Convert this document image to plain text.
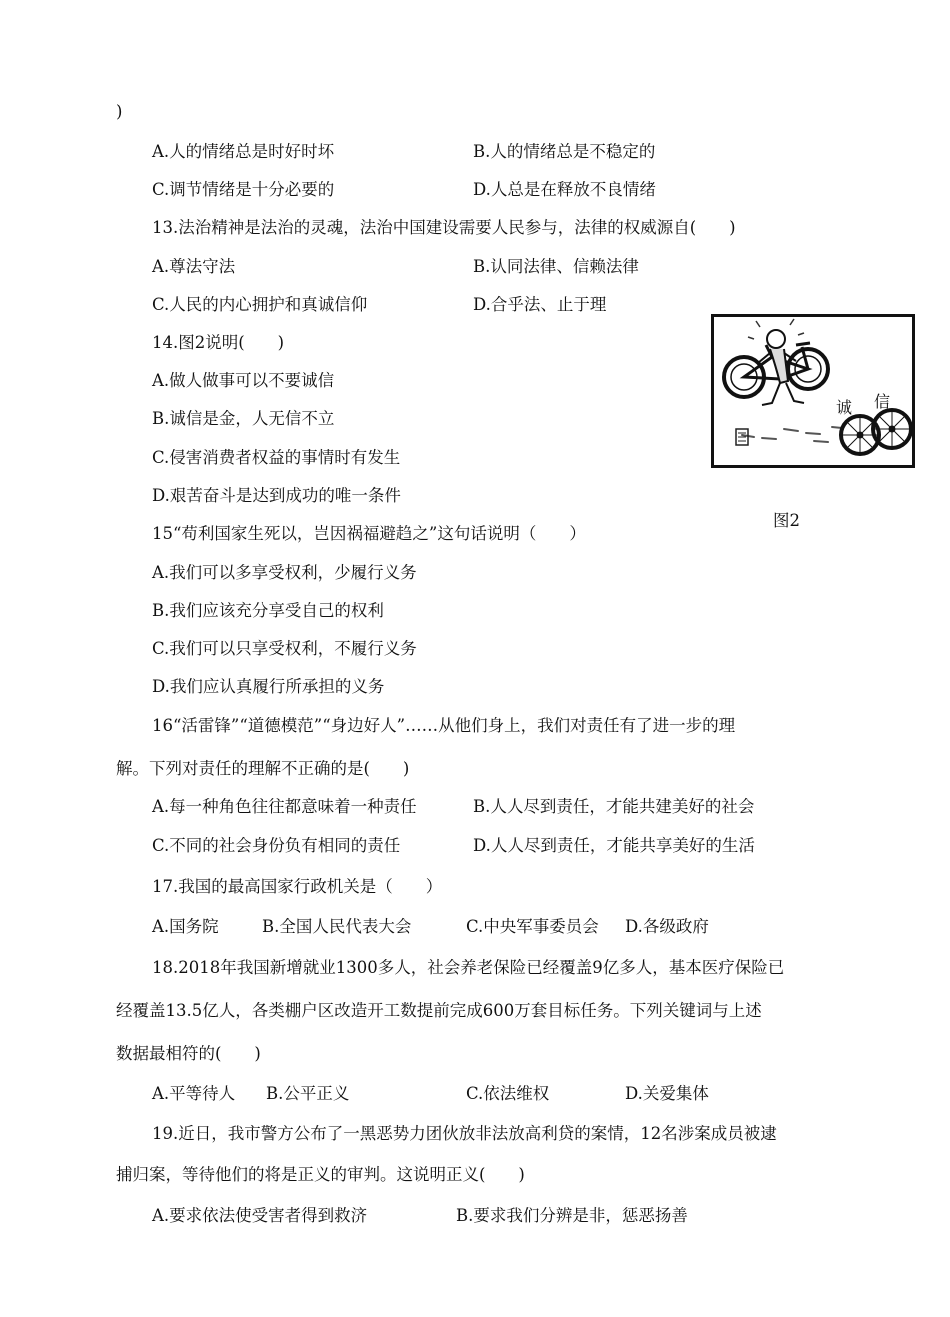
)
A.人的情绪总是时好时坏	B.人的情绪总是不稳定的
C.调节情绪是十分必要的	D.人总是在释放不良情绪
13.法治精神是法治的灵魂，法治中国建设需要人民参与，法律的权威源自(　　)
A.尊法守法	B.认同法律、信赖法律
C.人民的内心拥护和真诚信仰	D.合乎法、止于理
14.图2说明(　　)
A.做人做事可以不要诚信
B.诚信是金，人无信不立
C.侵害消费者权益的事情时有发生
D.艰苦奋斗是达到成功的唯一条件
诚 信
图2
15“苟利国家生死以，岂因祸福避趋之”这句话说明（　　）
A.我们可以多享受权利，少履行义务
B.我们应该充分享受自己的权利
C.我们可以只享受权利，不履行义务
D.我们应认真履行所承担的义务
16“活雷锋”“道德模范”“身边好人”……从他们身上，我们对责任有了进一步的理
解。下列对责任的理解不正确的是(　　)
A.每一种角色往往都意味着一种责任	B.人人尽到责任，才能共建美好的社会
C.不同的社会身份负有相同的责任	D.人人尽到责任，才能共享美好的生活
17.我国的最高国家行政机关是（　　）
A.国务院	B.全国人民代表大会	C.中央军事委员会 D.各级政府
18.2018年我国新增就业1300多人，社会养老保险已经覆盖9亿多人，基本医疗保险已
经覆盖13.5亿人，各类棚户区改造开工数提前完成600万套目标任务。下列关键词与上述
数据最相符的(　　)
A.平等待人 B.公平正义	C.依法维权	D.关爱集体
19.近日，我市警方公布了一黑恶势力团伙放非法放高利贷的案情，12名涉案成员被逮
捕归案，等待他们的将是正义的审判。这说明正义(　　)
A.要求依法使受害者得到救济	B.要求我们分辨是非，惩恶扬善
